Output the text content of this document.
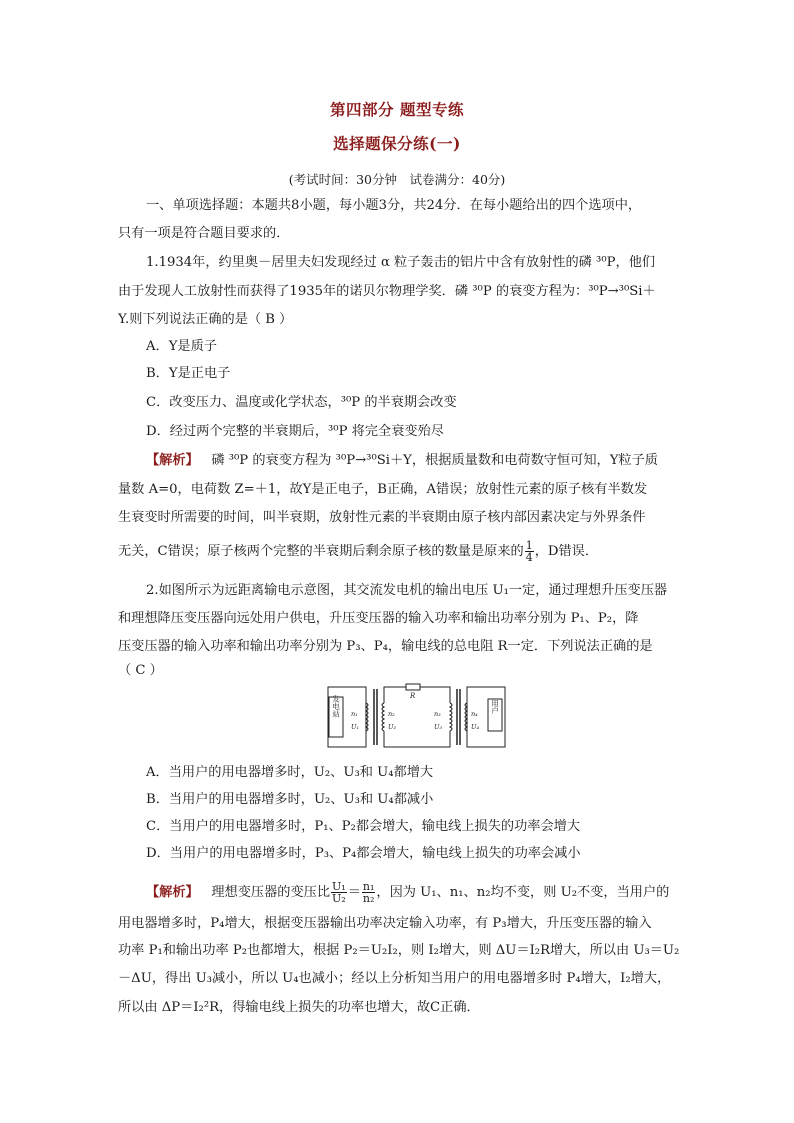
第四部分 题型专练
选择题保分练(一)
(考试时间：30分钟　试卷满分：40分)
一、单项选择题：本题共8小题，每小题3分，共24分．在每小题给出的四个选项中，
只有一项是符合题目要求的．
1.1934年，约里奥－居里夫妇发现经过 α 粒子轰击的铝片中含有放射性的磷 ³⁰P，他们
由于发现人工放射性而获得了1935年的诺贝尔物理学奖．磷 ³⁰P 的衰变方程为：³⁰P→³⁰Si＋
Y.则下列说法正确的是（ B ）
A．Y是质子
B．Y是正电子
C．改变压力、温度或化学状态，³⁰P 的半衰期会改变
D．经过两个完整的半衰期后，³⁰P 将完全衰变殆尽
【解析】 磷 ³⁰P 的衰变方程为 ³⁰P→³⁰Si＋Y，根据质量数和电荷数守恒可知，Y粒子质
量数 A=0，电荷数 Z=＋1，故Y是正电子，B正确，A错误；放射性元素的原子核有半数发
生衰变时所需要的时间，叫半衰期，放射性元素的半衰期由原子核内部因素决定与外界条件
无关，C错误；原子核两个完整的半衰期后剩余原子核的数量是原来的 $\frac{1}{4}$ ，D错误．
2.如图所示为远距离输电示意图，其交流发电机的输出电压 U₁一定，通过理想升压变压器
和理想降压变压器向远处用户供电，升压变压器的输入功率和输出功率分别为 P₁、P₂，降
压变压器的输入功率和输出功率分别为 P₃、P₄，输电线的总电阻 R一定．下列说法正确的是
（ C ）
发电站	用户
R
n₁
U₁
n₂
U₂
n₃
U₃
n₄
U₄
A．当用户的用电器增多时，U₂、U₃和 U₄都增大
B．当用户的用电器增多时，U₂、U₃和 U₄都减小
C．当用户的用电器增多时，P₁、P₂都会增大，输电线上损失的功率会增大
D．当用户的用电器增多时，P₃、P₄都会增大，输电线上损失的功率会减小
【解析】 理想变压器的变压比 $\frac{\text{U₁}}{\text{U₂}} = \frac{\text{n₁}}{\text{n₂}}$ ，因为 U₁、n₁、n₂均不变，则 U₂不变，当用户的
用电器增多时，P₄增大，根据变压器输出功率决定输入功率，有 P₃增大，升压变压器的输入
功率 P₁和输出功率 P₂也都增大，根据 P₂＝U₂I₂，则 I₂增大，则 ΔU＝I₂R增大，所以由 U₃＝U₂
－ΔU，得出 U₃减小，所以 U₄也减小；经以上分析知当用户的用电器增多时 P₄增大，I₂增大，
所以由 ΔP＝I₂²R，得输电线上损失的功率也增大，故C正确．
